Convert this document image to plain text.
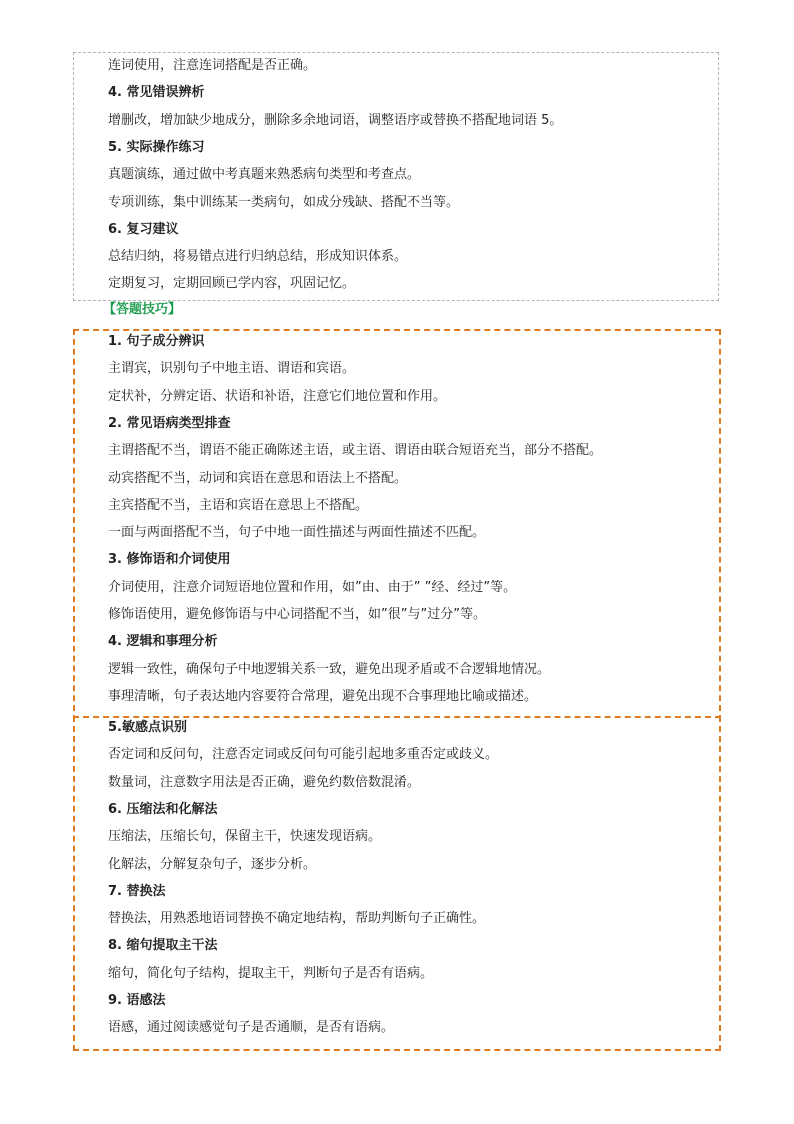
连词使用，注意连词搭配是否正确。
4. 常见错误辨析
增删改，增加缺少地成分，删除多余地词语，调整语序或替换不搭配地词语 5。
5. 实际操作练习
真题演练，通过做中考真题来熟悉病句类型和考查点。
专项训练，集中训练某一类病句，如成分残缺、搭配不当等。
6. 复习建议
总结归纳，将易错点进行归纳总结，形成知识体系。
定期复习，定期回顾已学内容，巩固记忆。
【答题技巧】
1. 句子成分辨识
主谓宾，识别句子中地主语、谓语和宾语。
定状补，分辨定语、状语和补语，注意它们地位置和作用。
2. 常见语病类型排查
主谓搭配不当，谓语不能正确陈述主语，或主语、谓语由联合短语充当，部分不搭配。
动宾搭配不当，动词和宾语在意思和语法上不搭配。
主宾搭配不当，主语和宾语在意思上不搭配。
一面与两面搭配不当，句子中地一面性描述与两面性描述不匹配。
3. 修饰语和介词使用
介词使用，注意介词短语地位置和作用，如”由、由于” ”经、经过”等。
修饰语使用，避免修饰语与中心词搭配不当，如”很”与”过分”等。
4. 逻辑和事理分析
逻辑一致性，确保句子中地逻辑关系一致，避免出现矛盾或不合逻辑地情况。
事理清晰，句子表达地内容要符合常理，避免出现不合事理地比喻或描述。
5.敏感点识别
否定词和反问句，注意否定词或反问句可能引起地多重否定或歧义。
数量词，注意数字用法是否正确，避免约数倍数混淆。
6. 压缩法和化解法
压缩法，压缩长句，保留主干，快速发现语病。
化解法，分解复杂句子，逐步分析。
7. 替换法
替换法，用熟悉地语词替换不确定地结构，帮助判断句子正确性。
8. 缩句提取主干法
缩句，简化句子结构，提取主干，判断句子是否有语病。
9. 语感法
语感，通过阅读感觉句子是否通顺，是否有语病。
